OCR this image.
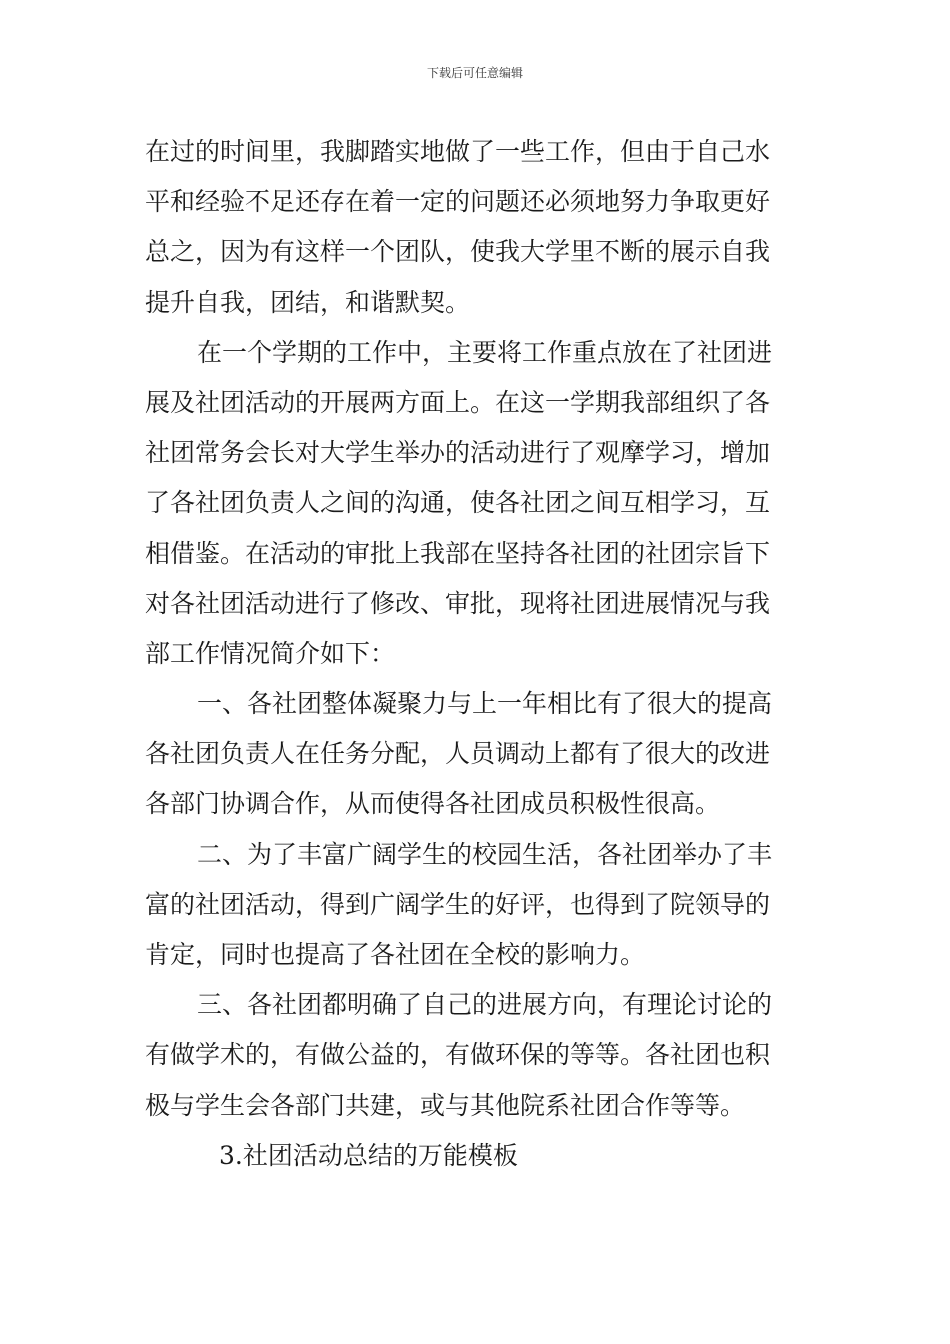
下载后可任意编辑
在过的时间里，我脚踏实地做了一些工作，但由于自己水
平和经验不足还存在着一定的问题还必须地努力争取更好
总之，因为有这样一个团队，使我大学里不断的展示自我
提升自我，团结，和谐默契。
在一个学期的工作中，主要将工作重点放在了社团进
展及社团活动的开展两方面上。在这一学期我部组织了各
社团常务会长对大学生举办的活动进行了观摩学习，增加
了各社团负责人之间的沟通，使各社团之间互相学习，互
相借鉴。在活动的审批上我部在坚持各社团的社团宗旨下
对各社团活动进行了修改、审批，现将社团进展情况与我
部工作情况简介如下：
一、各社团整体凝聚力与上一年相比有了很大的提高
各社团负责人在任务分配，人员调动上都有了很大的改进
各部门协调合作，从而使得各社团成员积极性很高。
二、为了丰富广阔学生的校园生活，各社团举办了丰
富的社团活动，得到广阔学生的好评，也得到了院领导的
肯定，同时也提高了各社团在全校的影响力。
三、各社团都明确了自己的进展方向，有理论讨论的
有做学术的，有做公益的，有做环保的等等。各社团也积
极与学生会各部门共建，或与其他院系社团合作等等。
3.社团活动总结的万能模板
